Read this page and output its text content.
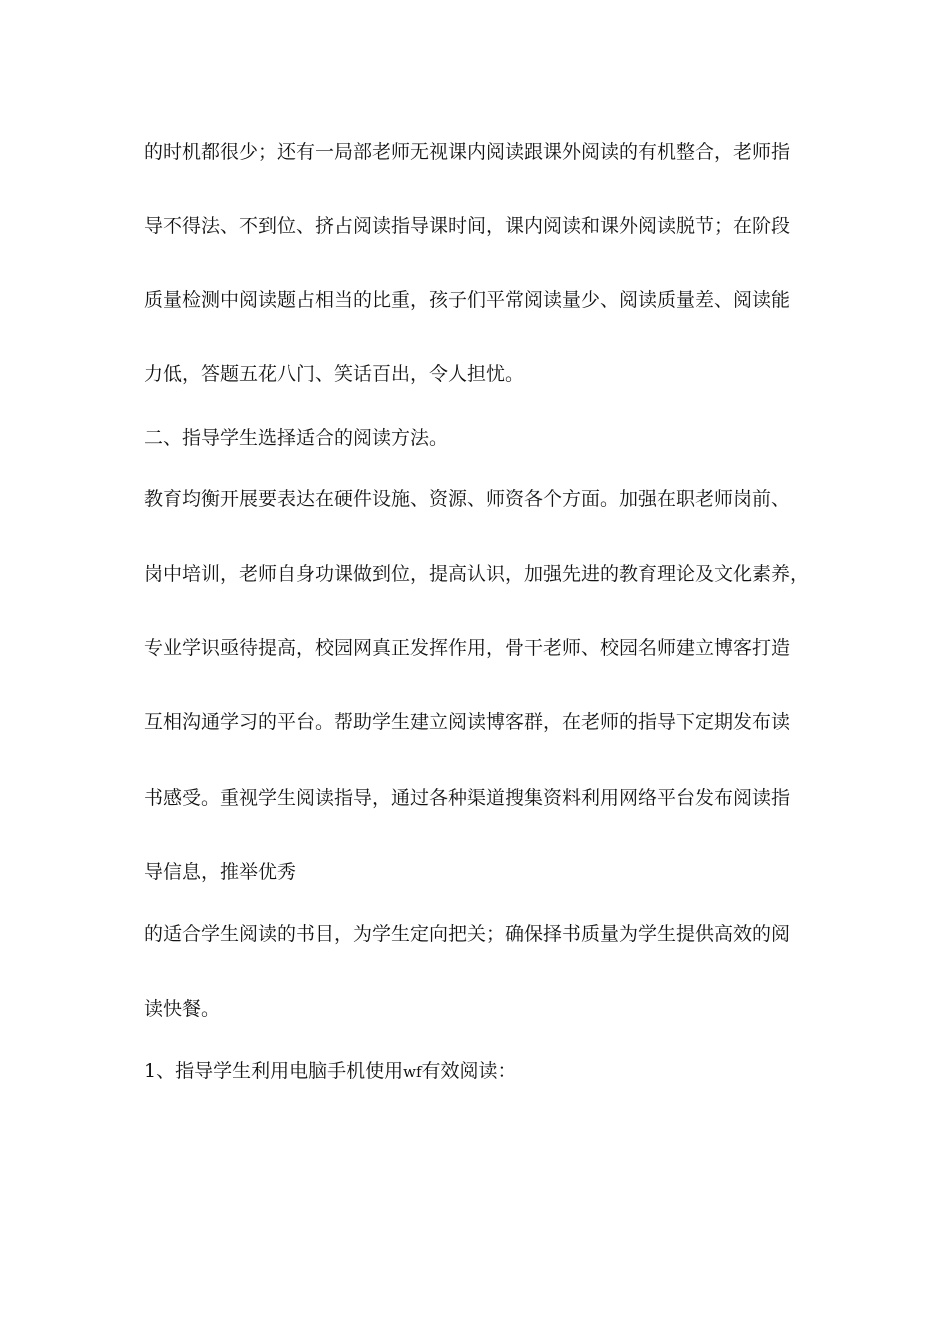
的时机都很少；还有一局部老师无视课内阅读跟课外阅读的有机整合，老师指

导不得法、不到位、挤占阅读指导课时间，课内阅读和课外阅读脱节；在阶段

质量检测中阅读题占相当的比重，孩子们平常阅读量少、阅读质量差、阅读能

力低，答题五花八门、笑话百出，令人担忧。

二、指导学生选择适合的阅读方法。

教育均衡开展要表达在硬件设施、资源、师资各个方面。加强在职老师岗前、

岗中培训，老师自身功课做到位，提高认识，加强先进的教育理论及文化素养，

专业学识亟待提高，校园网真正发挥作用，骨干老师、校园名师建立博客打造

互相沟通学习的平台。帮助学生建立阅读博客群，在老师的指导下定期发布读

书感受。重视学生阅读指导，通过各种渠道搜集资料利用网络平台发布阅读指

导信息，推举优秀

的适合学生阅读的书目，为学生定向把关；确保择书质量为学生提供高效的阅

读快餐。

1、指导学生利用电脑手机使用wf有效阅读：
